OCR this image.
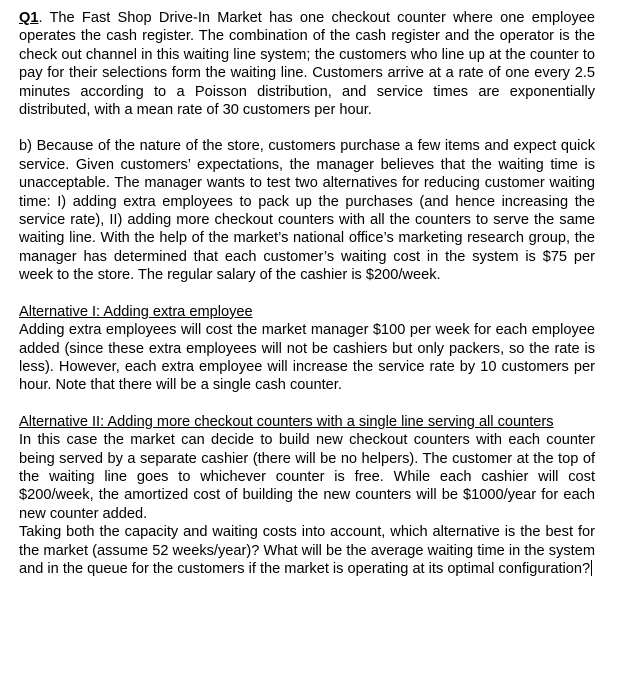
Q1. The Fast Shop Drive-In Market has one checkout counter where one employee operates the cash register. The combination of the cash register and the operator is the check out channel in this waiting line system; the customers who line up at the counter to pay for their selections form the waiting line. Customers arrive at a rate of one every 2.5 minutes according to a Poisson distribution, and service times are exponentially distributed, with a mean rate of 30 customers per hour.

b) Because of the nature of the store, customers purchase a few items and expect quick service. Given customers’ expectations, the manager believes that the waiting time is unacceptable. The manager wants to test two alternatives for reducing customer waiting time: I) adding extra employees to pack up the purchases (and hence increasing the service rate), II) adding more checkout counters with all the counters to serve the same waiting line. With the help of the market’s national office’s marketing research group, the manager has determined that each customer’s waiting cost in the system is $75 per week to the store. The regular salary of the cashier is $200/week.

Alternative I: Adding extra employee

Adding extra employees will cost the market manager $100 per week for each employee added (since these extra employees will not be cashiers but only packers, so the rate is less). However, each extra employee will increase the service rate by 10 customers per hour. Note that there will be a single cash counter.

Alternative II: Adding more checkout counters with a single line serving all counters

In this case the market can decide to build new checkout counters with each counter being served by a separate cashier (there will be no helpers). The customer at the top of the waiting line goes to whichever counter is free. While each cashier will cost $200/week, the amortized cost of building the new counters will be $1000/year for each new counter added.

Taking both the capacity and waiting costs into account, which alternative is the best for the market (assume 52 weeks/year)? What will be the average waiting time in the system and in the queue for the customers if the market is operating at its optimal configuration?
